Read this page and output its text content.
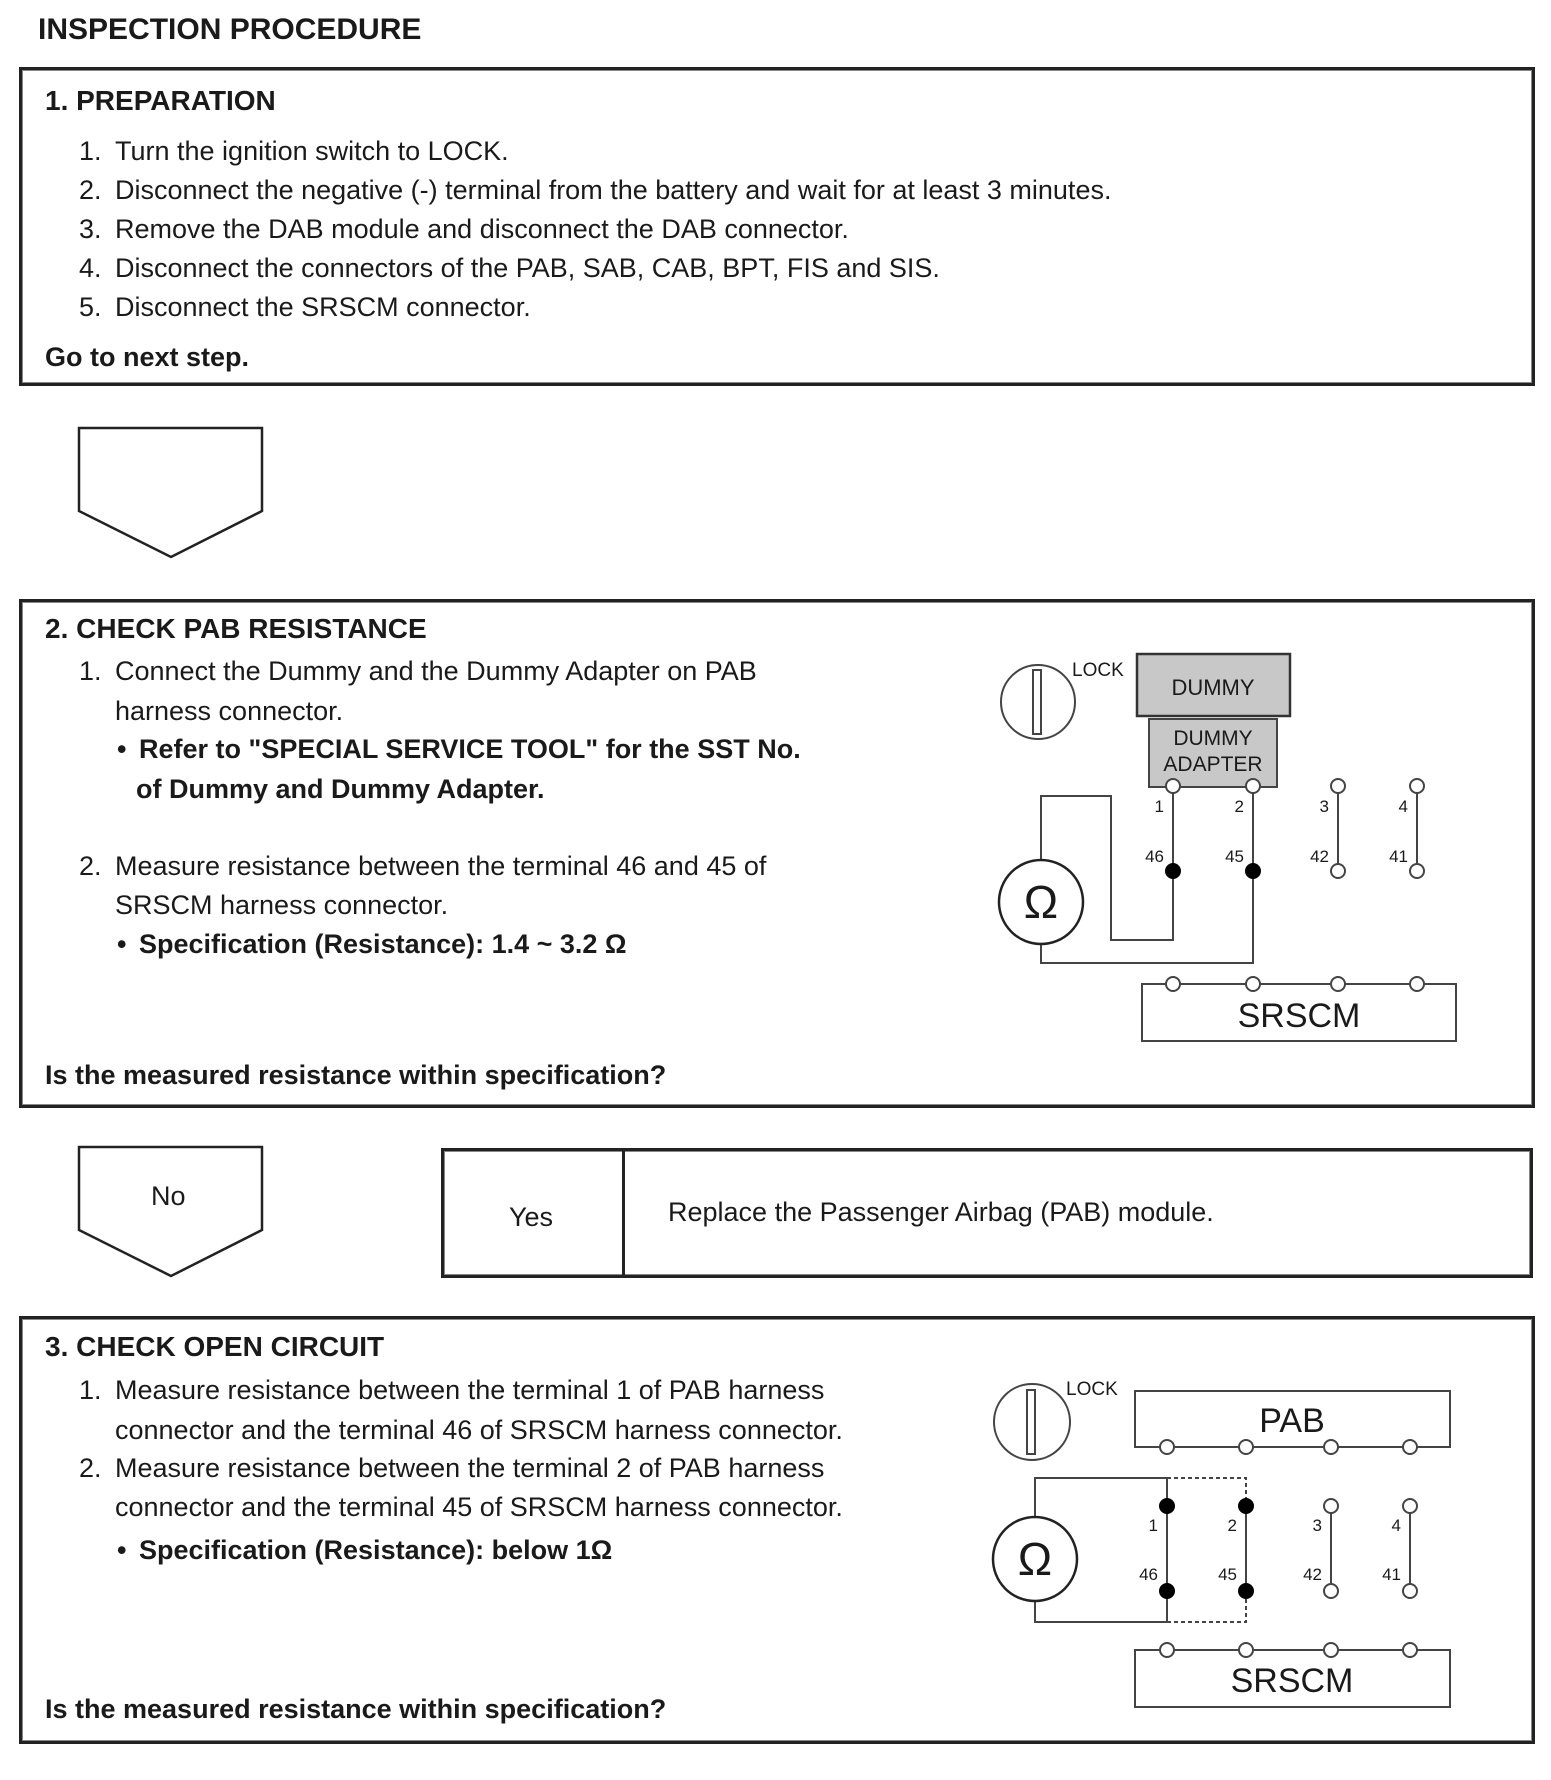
INSPECTION PROCEDURE
1. PREPARATION
1. Turn the ignition switch to LOCK.
2. Disconnect the negative (-) terminal from the battery and wait for at least 3 minutes.
3. Remove the DAB module and disconnect the DAB connector.
4. Disconnect the connectors of the PAB, SAB, CAB, BPT, FIS and SIS.
5. Disconnect the SRSCM connector.
Go to next step.
2. CHECK PAB RESISTANCE
1. Connect the Dummy and the Dummy Adapter on PAB
harness connector.
• Refer to "SPECIAL SERVICE TOOL" for the SST No.
of Dummy and Dummy Adapter.
2. Measure resistance between the terminal 46 and 45 of
SRSCM harness connector.
• Specification (Resistance): 1.4 ~ 3.2 Ω
Is the measured resistance within specification?
No
Yes	Replace the Passenger Airbag (PAB) module.
3. CHECK OPEN CIRCUIT
1. Measure resistance between the terminal 1 of PAB harness
connector and the terminal 46 of SRSCM harness connector.
2. Measure resistance between the terminal 2 of PAB harness
connector and the terminal 45 of SRSCM harness connector.
• Specification (Resistance): below 1Ω
Is the measured resistance within specification?
LOCK
DUMMY
DUMMY
ADAPTER
Ω
SRSCM
1	2	3	4
46	45	42	41
LOCK
PAB
Ω
SRSCM
1	2	3	4
46	45	42	41
